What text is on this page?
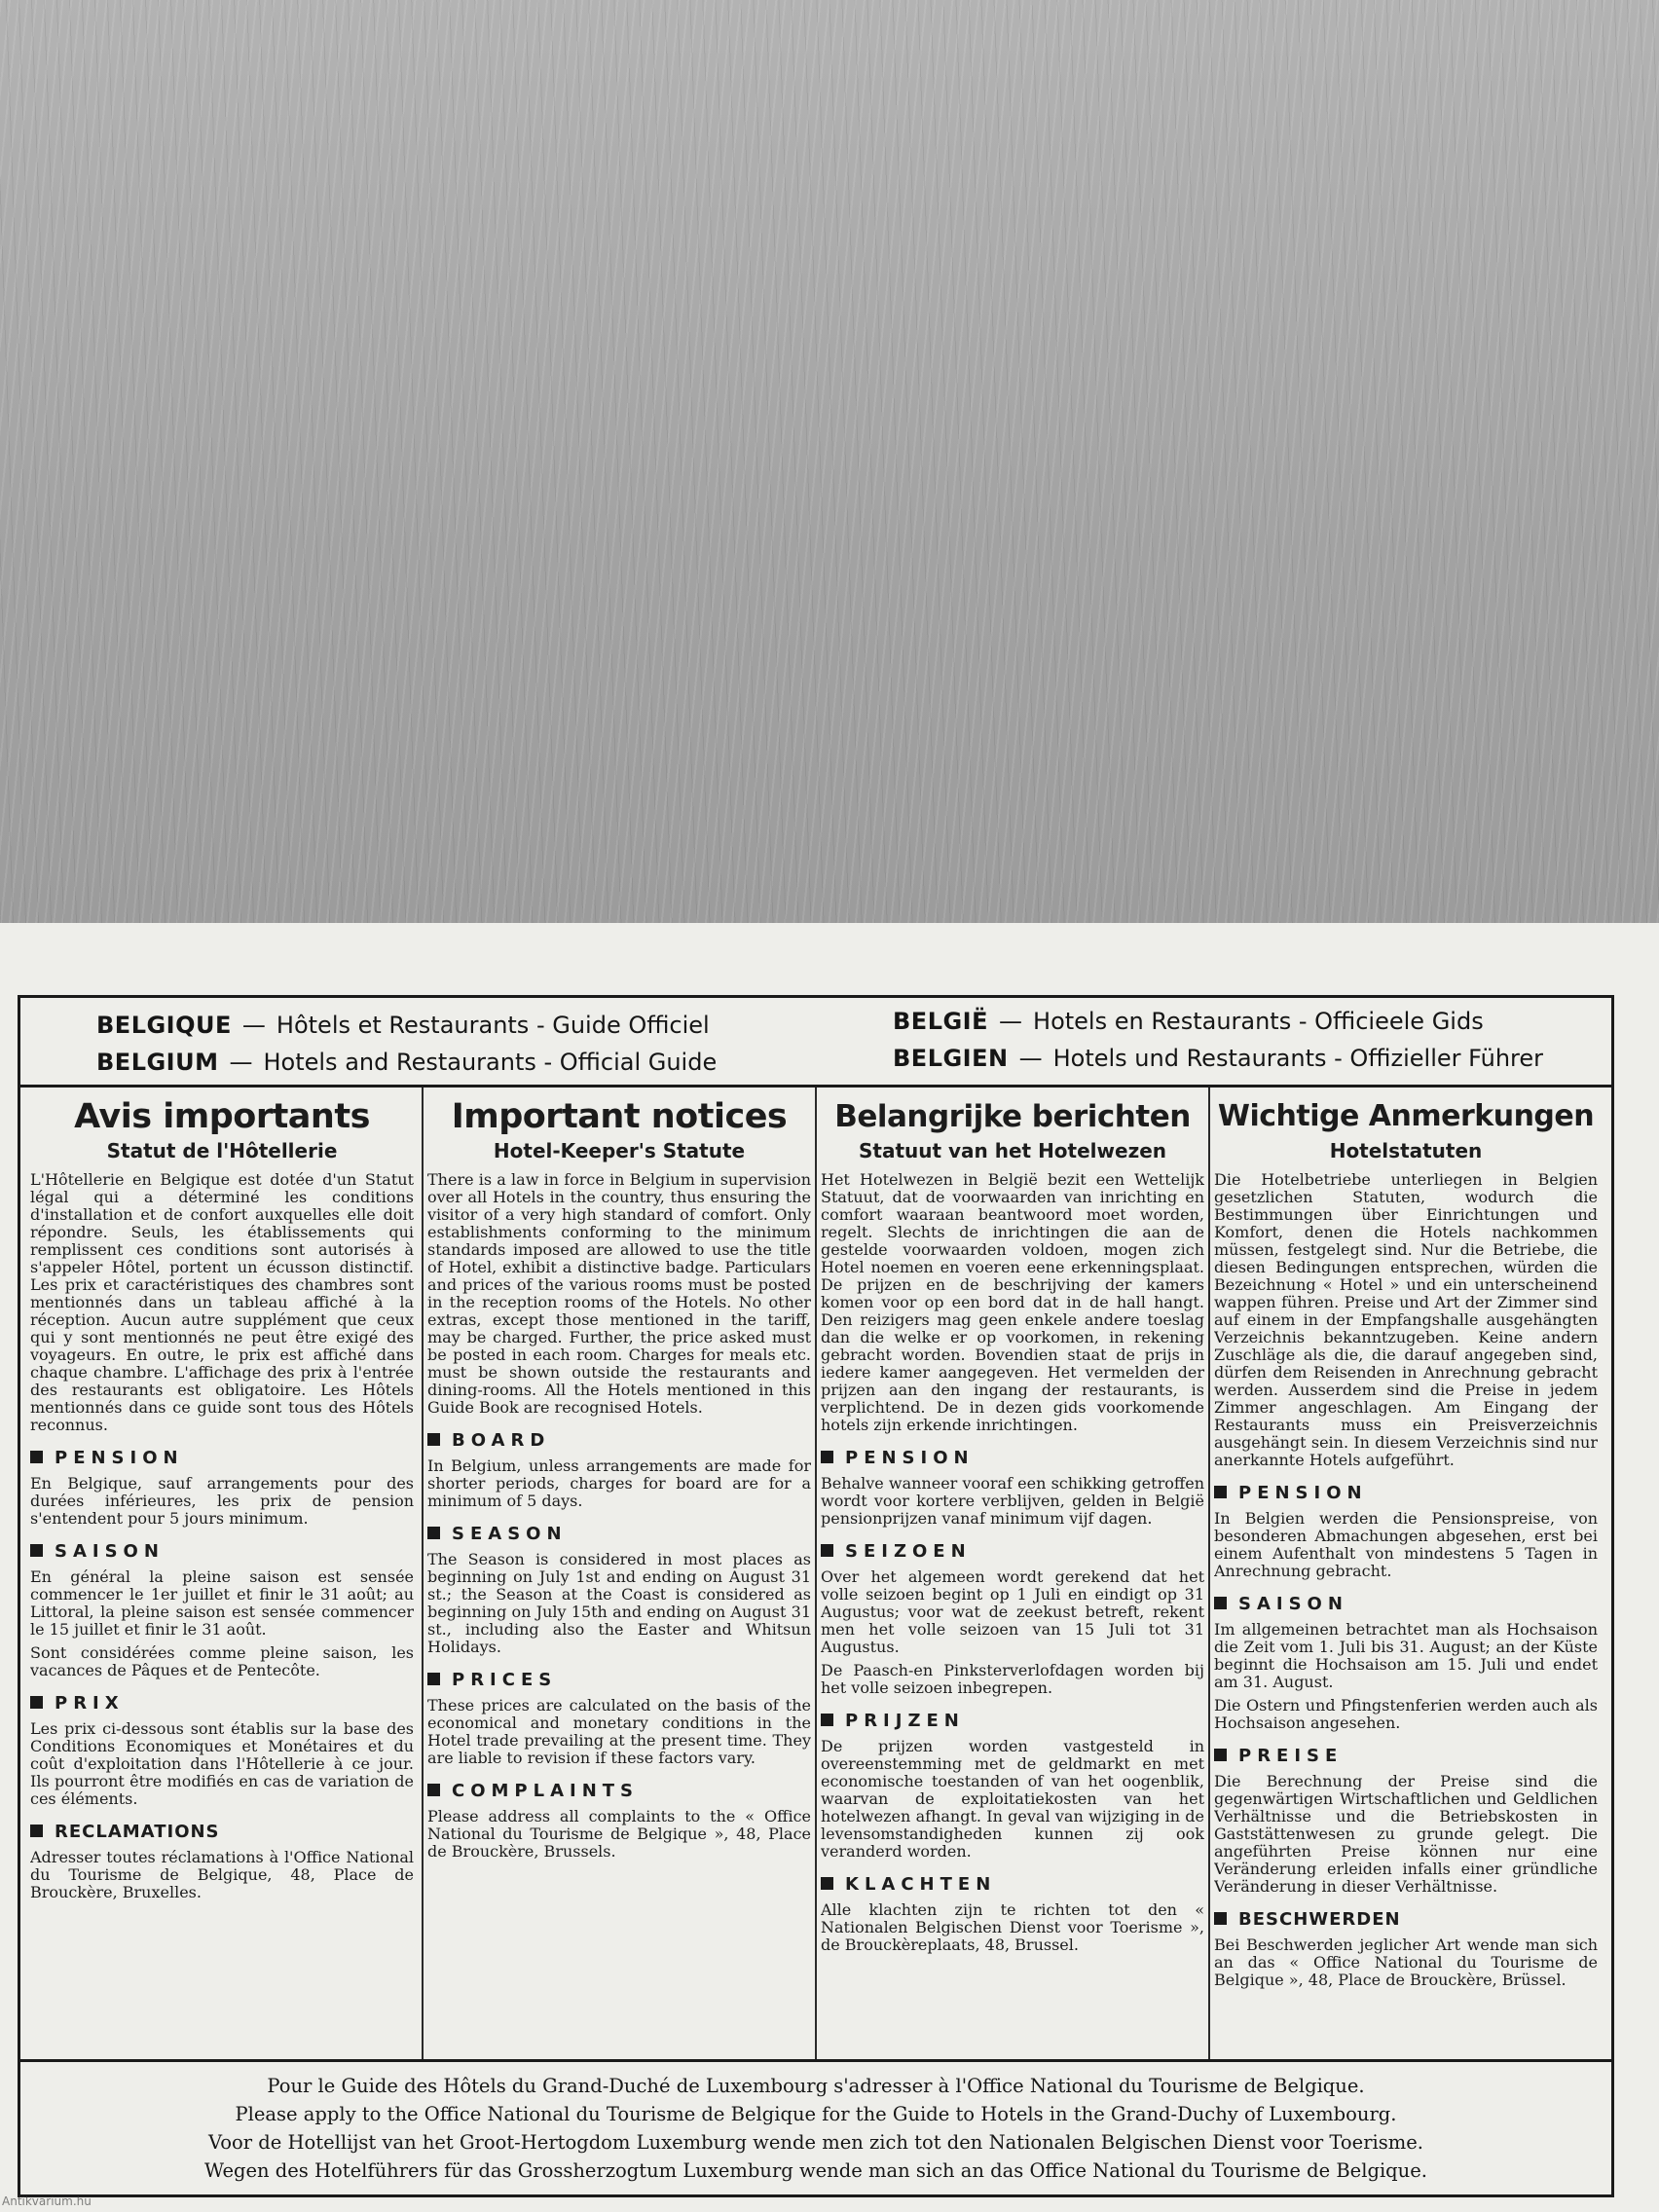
BELGIQUE — Hôtels et Restaurants - Guide Officiel
BELGIUM — Hotels and Restaurants - Official Guide
BELGIË — Hotels en Restaurants - Officieele Gids
BELGIEN — Hotels und Restaurants - Offizieller Führer
Avis importants
Statut de l'Hôtellerie

L'Hôtellerie en Belgique est dotée d'un Statut légal qui a déterminé les conditions d'installation et de confort auxquelles elle doit répondre. Seuls, les établissements qui remplissent ces conditions sont autorisés à s'appeler Hôtel, portent un écusson distinctif. Les prix et caractéristiques des chambres sont mentionnés dans un tableau affiché à la réception. Aucun autre supplément que ceux qui y sont mentionnés ne peut être exigé des voyageurs. En outre, le prix est affiché dans chaque chambre. L'affichage des prix à l'entrée des restaurants est obligatoire. Les Hôtels mentionnés dans ce guide sont tous des Hôtels reconnus.

PENSION

En Belgique, sauf arrangements pour des durées inférieures, les prix de pension s'entendent pour 5 jours minimum.

SAISON

En général la pleine saison est sensée commencer le 1er juillet et finir le 31 août; au Littoral, la pleine saison est sensée commencer le 15 juillet et finir le 31 août.

Sont considérées comme pleine saison, les vacances de Pâques et de Pentecôte.

PRIX

Les prix ci-dessous sont établis sur la base des Conditions Economiques et Monétaires et du coût d'exploitation dans l'Hôtellerie à ce jour. Ils pourront être modifiés en cas de variation de ces éléments.

RECLAMATIONS

Adresser toutes réclamations à l'Office National du Tourisme de Belgique, 48, Place de Brouckère, Bruxelles.

Important notices
Hotel-Keeper's Statute

There is a law in force in Belgium in supervision over all Hotels in the country, thus ensuring the visitor of a very high standard of comfort. Only establishments conforming to the minimum standards imposed are allowed to use the title of Hotel, exhibit a distinctive badge. Particulars and prices of the various rooms must be posted in the reception rooms of the Hotels. No other extras, except those mentioned in the tariff, may be charged. Further, the price asked must be posted in each room. Charges for meals etc. must be shown outside the restaurants and dining-rooms. All the Hotels mentioned in this Guide Book are recognised Hotels.

BOARD

In Belgium, unless arrangements are made for shorter periods, charges for board are for a minimum of 5 days.

SEASON

The Season is considered in most places as beginning on July 1st and ending on August 31 st.; the Season at the Coast is considered as beginning on July 15th and ending on August 31 st., including also the Easter and Whitsun Holidays.

PRICES

These prices are calculated on the basis of the economical and monetary conditions in the Hotel trade prevailing at the present time. They are liable to revision if these factors vary.

COMPLAINTS

Please address all complaints to the « Office National du Tourisme de Belgique », 48, Place de Brouckère, Brussels.

Belangrijke berichten
Statuut van het Hotelwezen

Het Hotelwezen in België bezit een Wettelijk Statuut, dat de voorwaarden van inrichting en comfort waaraan beantwoord moet worden, regelt. Slechts de inrichtingen die aan de gestelde voorwaarden voldoen, mogen zich Hotel noemen en voeren eene erkenningsplaat. De prijzen en de beschrijving der kamers komen voor op een bord dat in de hall hangt. Den reizigers mag geen enkele andere toeslag dan die welke er op voorkomen, in rekening gebracht worden. Bovendien staat de prijs in iedere kamer aangegeven. Het vermelden der prijzen aan den ingang der restaurants, is verplichtend. De in dezen gids voorkomende hotels zijn erkende inrichtingen.

PENSION

Behalve wanneer vooraf een schikking getroffen wordt voor kortere verblijven, gelden in België pensionprijzen vanaf minimum vijf dagen.

SEIZOEN

Over het algemeen wordt gerekend dat het volle seizoen begint op 1 Juli en eindigt op 31 Augustus; voor wat de zeekust betreft, rekent men het volle seizoen van 15 Juli tot 31 Augustus.

De Paasch-en Pinksterverlofdagen worden bij het volle seizoen inbegrepen.

PRIJZEN

De prijzen worden vastgesteld in overeenstemming met de geldmarkt en met economische toestanden of van het oogenblik, waarvan de exploitatiekosten van het hotelwezen afhangt. In geval van wijziging in de levensomstandigheden kunnen zij ook veranderd worden.

KLACHTEN

Alle klachten zijn te richten tot den « Nationalen Belgischen Dienst voor Toerisme », de Brouckèreplaats, 48, Brussel.

Wichtige Anmerkungen
Hotelstatuten

Die Hotelbetriebe unterliegen in Belgien gesetzlichen Statuten, wodurch die Bestimmungen über Einrichtungen und Komfort, denen die Hotels nachkommen müssen, festgelegt sind. Nur die Betriebe, die diesen Bedingungen entsprechen, würden die Bezeichnung « Hotel » und ein unterscheinend wappen führen. Preise und Art der Zimmer sind auf einem in der Empfangshalle ausgehängten Verzeichnis bekanntzugeben. Keine andern Zuschläge als die, die darauf angegeben sind, dürfen dem Reisenden in Anrechnung gebracht werden. Ausserdem sind die Preise in jedem Zimmer angeschlagen. Am Eingang der Restaurants muss ein Preisverzeichnis ausgehängt sein. In diesem Verzeichnis sind nur anerkannte Hotels aufgeführt.

PENSION

In Belgien werden die Pensionspreise, von besonderen Abmachungen abgesehen, erst bei einem Aufenthalt von mindestens 5 Tagen in Anrechnung gebracht.

SAISON

Im allgemeinen betrachtet man als Hochsaison die Zeit vom 1. Juli bis 31. August; an der Küste beginnt die Hochsaison am 15. Juli und endet am 31. August.

Die Ostern und Pfingstenferien werden auch als Hochsaison angesehen.

PREISE

Die Berechnung der Preise sind die gegenwärtigen Wirtschaftlichen und Geldlichen Verhältnisse und die Betriebskosten in Gaststättenwesen zu grunde gelegt. Die angeführten Preise können nur eine Veränderung erleiden infalls einer gründliche Veränderung in dieser Verhältnisse.

BESCHWERDEN

Bei Beschwerden jeglicher Art wende man sich an das « Office National du Tourisme de Belgique », 48, Place de Brouckère, Brüssel.

Pour le Guide des Hôtels du Grand-Duché de Luxembourg s'adresser à l'Office National du Tourisme de Belgique.
Please apply to the Office National du Tourisme de Belgique for the Guide to Hotels in the Grand-Duchy of Luxembourg.
Voor de Hotellijst van het Groot-Hertogdom Luxemburg wende men zich tot den Nationalen Belgischen Dienst voor Toerisme.
Wegen des Hotelführers für das Grossherzogtum Luxemburg wende man sich an das Office National du Tourisme de Belgique.
Antikvarium.hu
